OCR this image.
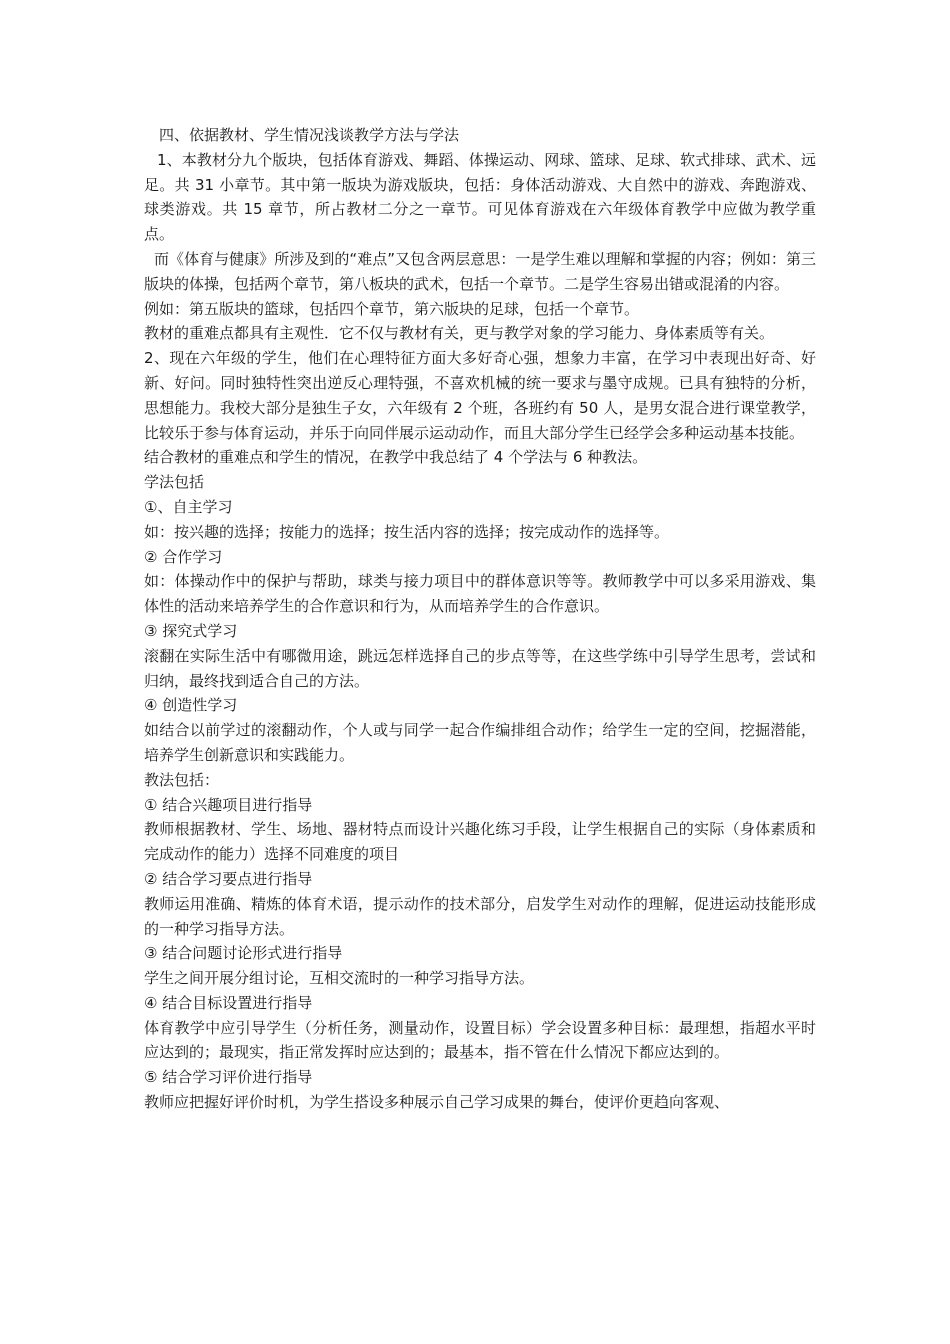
四、依据教材、学生情况浅谈教学方法与学法

1、本教材分九个版块，包括体育游戏、舞蹈、体操运动、网球、篮球、足球、软式排球、武术、远足。共 31 小章节。其中第一版块为游戏版块，包括：身体活动游戏、大自然中的游戏、奔跑游戏、球类游戏。共 15 章节，所占教材二分之一章节。可见体育游戏在六年级体育教学中应做为教学重点。

而《体育与健康》所涉及到的“难点”又包含两层意思：一是学生难以理解和掌握的内容；例如：第三版块的体操，包括两个章节，第八板块的武术，包括一个章节。二是学生容易出错或混淆的内容。

例如：第五版块的篮球，包括四个章节，第六版块的足球，包括一个章节。

教材的重难点都具有主观性．它不仅与教材有关，更与教学对象的学习能力、身体素质等有关。

2、现在六年级的学生，他们在心理特征方面大多好奇心强，想象力丰富，在学习中表现出好奇、好新、好问。同时独特性突出逆反心理特强，不喜欢机械的统一要求与墨守成规。已具有独特的分析，思想能力。我校大部分是独生子女，六年级有 2 个班，各班约有 50 人，是男女混合进行课堂教学，比较乐于参与体育运动，并乐于向同伴展示运动动作，而且大部分学生已经学会多种运动基本技能。

结合教材的重难点和学生的情况，在教学中我总结了 4 个学法与 6 种教法。

学法包括

①、自主学习

如：按兴趣的选择；按能力的选择；按生活内容的选择；按完成动作的选择等。

② 合作学习

如：体操动作中的保护与帮助，球类与接力项目中的群体意识等等。教师教学中可以多采用游戏、集体性的活动来培养学生的合作意识和行为，从而培养学生的合作意识。

③ 探究式学习

滚翻在实际生活中有哪微用途，跳远怎样选择自己的步点等等，在这些学练中引导学生思考，尝试和归纳，最终找到适合自己的方法。

④ 创造性学习

如结合以前学过的滚翻动作，个人或与同学一起合作编排组合动作；给学生一定的空间，挖掘潜能，培养学生创新意识和实践能力。

教法包括：

① 结合兴趣项目进行指导

教师根据教材、学生、场地、器材特点而设计兴趣化练习手段，让学生根据自己的实际（身体素质和完成动作的能力）选择不同难度的项目

② 结合学习要点进行指导

教师运用准确、精炼的体育术语，提示动作的技术部分，启发学生对动作的理解，促进运动技能形成的一种学习指导方法。

③ 结合问题讨论形式进行指导

学生之间开展分组讨论，互相交流时的一种学习指导方法。

④ 结合目标设置进行指导

体育教学中应引导学生（分析任务，测量动作，设置目标）学会设置多种目标：最理想，指超水平时应达到的；最现实，指正常发挥时应达到的；最基本，指不管在什么情况下都应达到的。

⑤ 结合学习评价进行指导

教师应把握好评价时机，为学生搭设多种展示自己学习成果的舞台，使评价更趋向客观、
